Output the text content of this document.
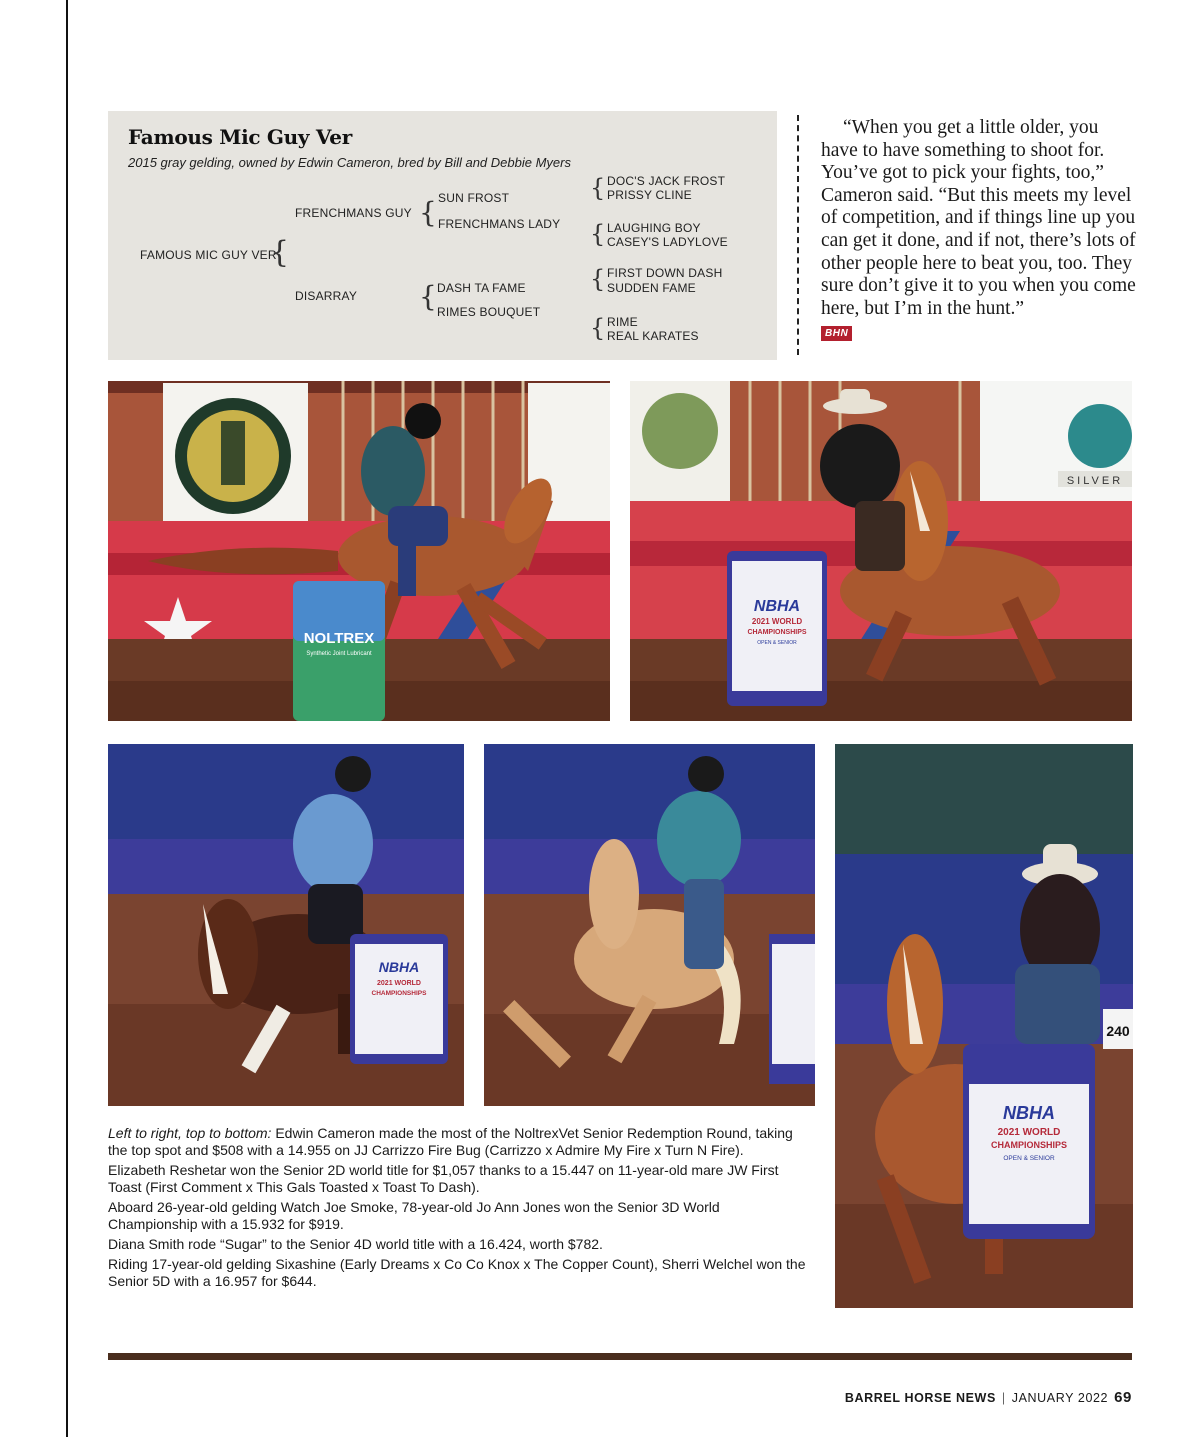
Famous Mic Guy Ver
2015 gray gelding, owned by Edwin Cameron, bred by Bill and Debbie Myers
FAMOUS MIC GUY VER
{
FRENCHMANS GUY
DISARRAY
{
{
SUN FROST
FRENCHMANS LADY
DASH TA FAME
RIMES BOUQUET
{
{
{
{
DOC'S JACK FROST
PRISSY CLINE
LAUGHING BOY
CASEY'S LADYLOVE
FIRST DOWN DASH
SUDDEN FAME
RIME
REAL KARATES
“When you get a little older, you have to have something to shoot for. You’ve got to pick your fights, too,” Cameron said. “But this meets my level of competition, and if things line up you can get it done, and if not, there’s lots of other people here to beat you, too. They sure don’t give it to you when you come here, but I’m in the hunt.”
BHN
NOLTREX
Synthetic Joint Lubricant
SILVER
NBHA
2021 WORLD
CHAMPIONSHIPS
OPEN & SENIOR
NBHA
2021 WORLD
CHAMPIONSHIPS
240
NBHA
2021 WORLD
CHAMPIONSHIPS
OPEN & SENIOR

Left to right, top to bottom: Edwin Cameron made the most of the NoltrexVet Senior Redemption Round, taking the top spot and $508 with a 14.955 on JJ Carrizzo Fire Bug (Carrizzo x Admire My Fire x Turn N Fire).

Elizabeth Reshetar won the Senior 2D world title for $1,057 thanks to a 15.447 on 11-year-old mare JW First Toast (First Comment x This Gals Toasted x Toast To Dash).

Aboard 26-year-old gelding Watch Joe Smoke, 78-year-old Jo Ann Jones won the Senior 3D World Championship with a 15.932 for $919.

Diana Smith rode “Sugar” to the Senior 4D world title with a 16.424, worth $782.

Riding 17-year-old gelding Sixashine (Early Dreams x Co Co Knox x The Copper Count), Sherri Welchel won the Senior 5D with a 16.957 for $644.

BARREL HORSE NEWS | JANUARY 2022 69
